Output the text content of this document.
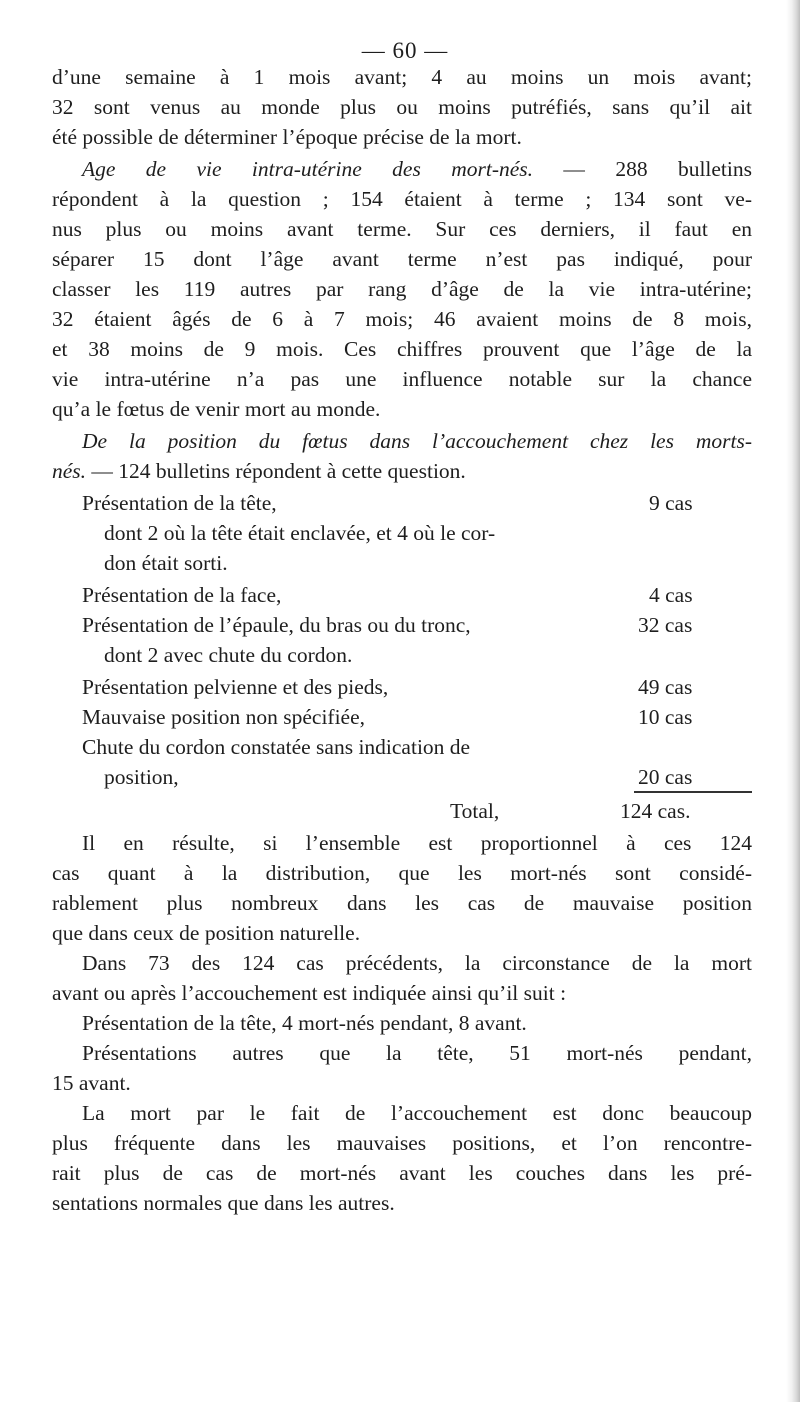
— 60 —
d’une semaine à 1 mois avant; 4 au moins un mois avant;
32 sont venus au monde plus ou moins putréfiés, sans qu’il ait
été possible de déterminer l’époque précise de la mort.
Age de vie intra-utérine des mort-nés. — 288 bulletins
répondent à la question ; 154 étaient à terme ; 134 sont ve-
nus plus ou moins avant terme. Sur ces derniers, il faut en
séparer 15 dont l’âge avant terme n’est pas indiqué, pour
classer les 119 autres par rang d’âge de la vie intra-utérine;
32 étaient âgés de 6 à 7 mois; 46 avaient moins de 8 mois,
et 38 moins de 9 mois. Ces chiffres prouvent que l’âge de la
vie intra-utérine n’a pas une influence notable sur la chance
qu’a le fœtus de venir mort au monde.
De la position du fœtus dans l’accouchement chez les morts-
nés. — 124 bulletins répondent à cette question.
Présentation de la tête,	9 cas
dont 2 où la tête était enclavée, et 4 où le cor-
don était sorti.
Présentation de la face,	4 cas
Présentation de l’épaule, du bras ou du tronc,	32 cas
dont 2 avec chute du cordon.
Présentation pelvienne et des pieds,	49 cas
Mauvaise position non spécifiée,	10 cas
Chute du cordon constatée sans indication de
position,	20 cas
Total,	124 cas.
Il en résulte, si l’ensemble est proportionnel à ces 124
cas quant à la distribution, que les mort-nés sont considé-
rablement plus nombreux dans les cas de mauvaise position
que dans ceux de position naturelle.
Dans 73 des 124 cas précédents, la circonstance de la mort
avant ou après l’accouchement est indiquée ainsi qu’il suit :
Présentation de la tête, 4 mort-nés pendant, 8 avant.
Présentations autres que la tête, 51 mort-nés pendant,
15 avant.
La mort par le fait de l’accouchement est donc beaucoup
plus fréquente dans les mauvaises positions, et l’on rencontre-
rait plus de cas de mort-nés avant les couches dans les pré-
sentations normales que dans les autres.
